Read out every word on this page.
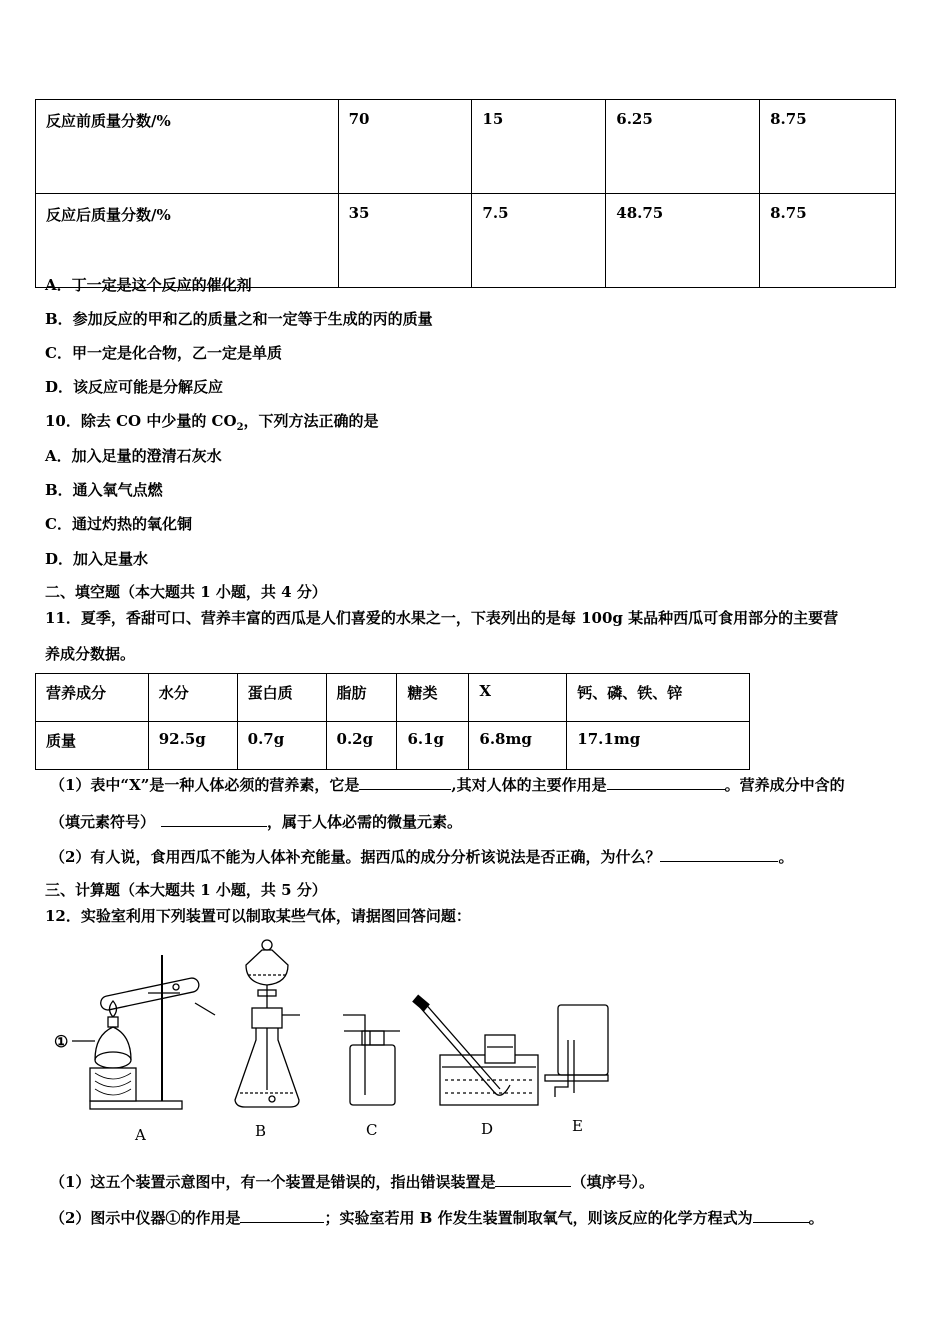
反应前质量分数/%	70	15	6.25	8.75
反应后质量分数/%	35	7.5	48.75	8.75
A．丁一定是这个反应的催化剂
B．参加反应的甲和乙的质量之和一定等于生成的丙的质量
C．甲一定是化合物，乙一定是单质
D．该反应可能是分解反应
10．除去 CO 中少量的 $CO_2$，下列方法正确的是
A．加入足量的澄清石灰水
B．通入氧气点燃
C．通过灼热的氧化铜
D．加入足量水
二、填空题（本大题共 1 小题，共 4 分）
11．夏季，香甜可口、营养丰富的西瓜是人们喜爱的水果之一，下表列出的是每 100g 某品种西瓜可食用部分的主要营
养成分数据。
营养成分	水分	蛋白质	脂肪	糖类	X	钙、磷、铁、锌
质量	92.5g	0.7g	0.2g	6.1g	6.8mg	17.1mg
（1）表中“X”是一种人体必须的营养素，它是	,其对人体的主要作用是	。营养成分中含的
（填元素符号）	，属于人体必需的微量元素。
（2）有人说，食用西瓜不能为人体补充能量。据西瓜的成分分析该说法是否正确，为什么？	。
三、计算题（本大题共 1 小题，共 5 分）
12．实验室利用下列装置可以制取某些气体，请据图回答问题：
①
A	B	C	D	E
（1）这五个装置示意图中，有一个装置是错误的，指出错误装置是	（填序号）。
（2）图示中仪器①的作用是	；实验室若用 B 作发生装置制取氧气，则该反应的化学方程式为	。
